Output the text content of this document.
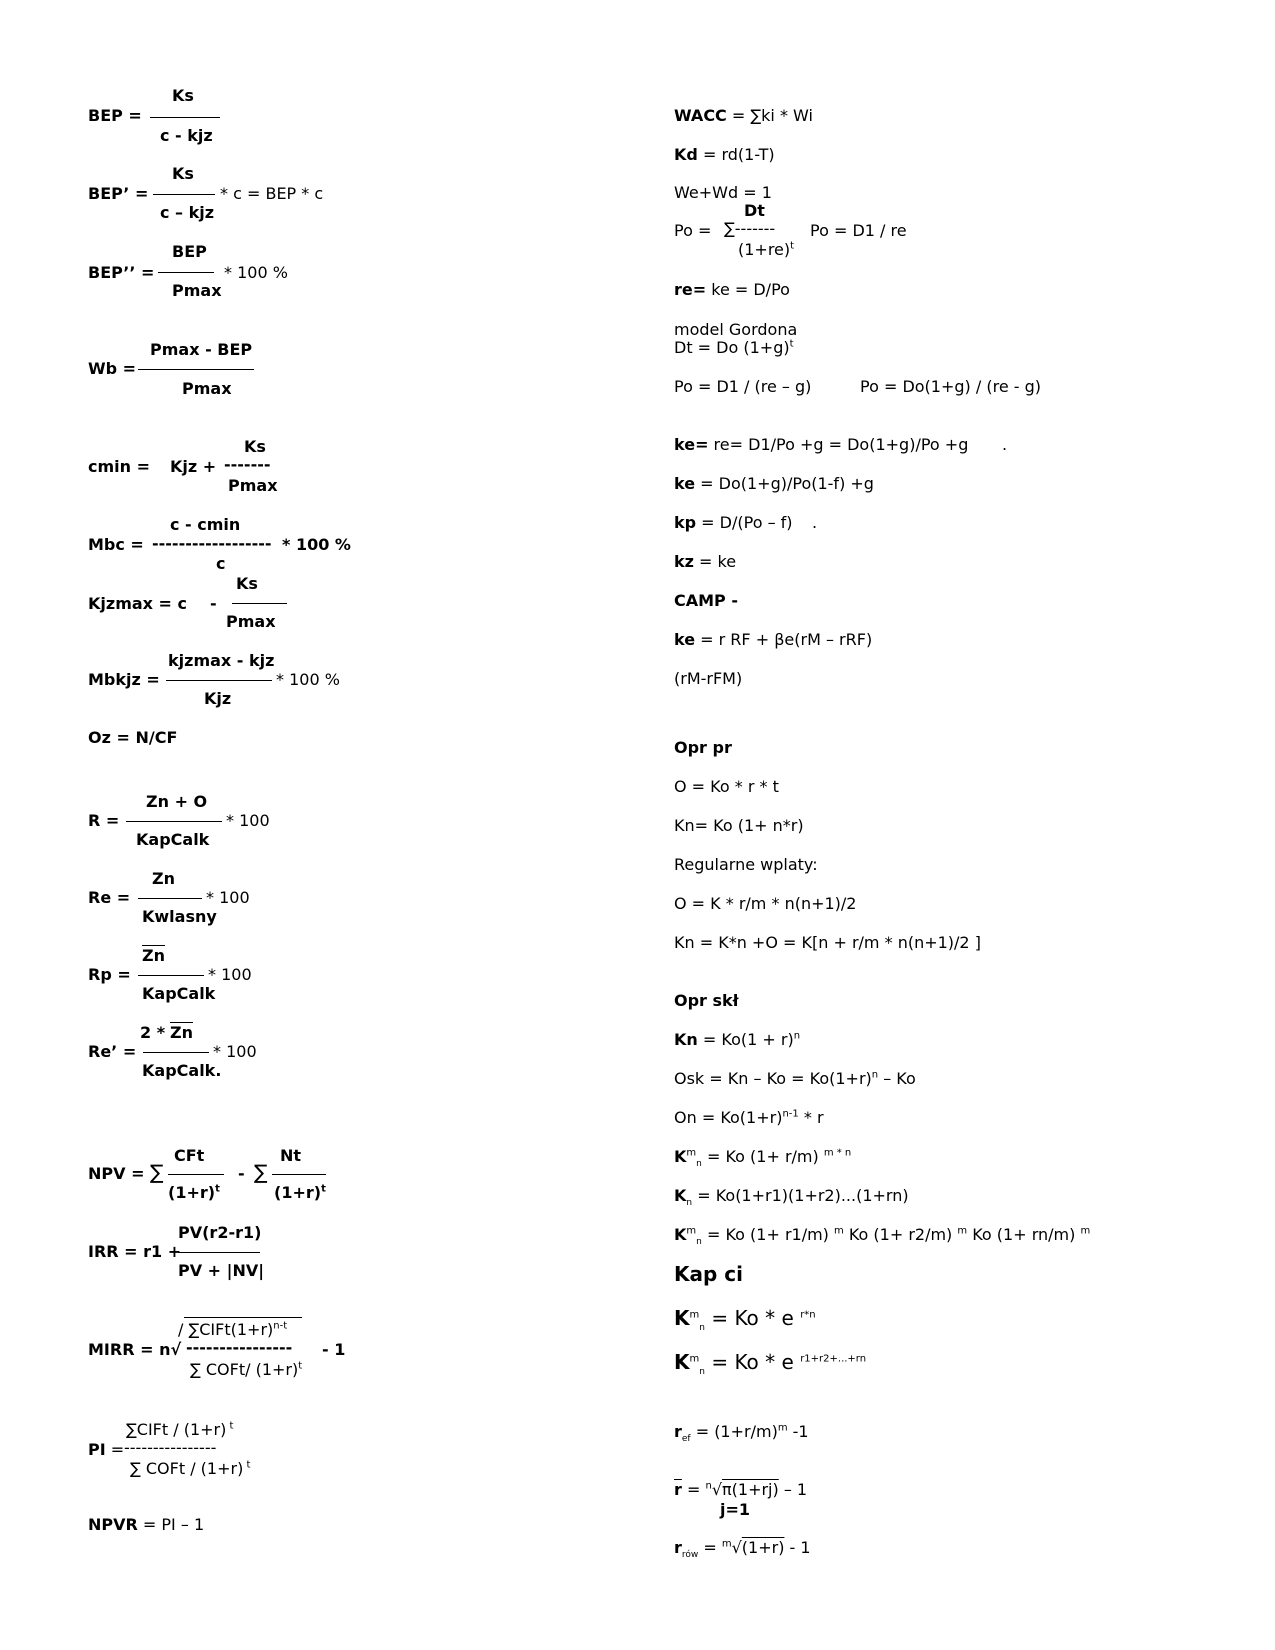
BEP =
Ks
c - kjz
BEP’ =
Ks
* c = BEP * c
c – kjz
BEP’’ =
BEP
* 100 %
Pmax
Wb =
Pmax - BEP
Pmax
cmin = Kjz +
Ks
-------
Pmax
c - cmin
Mbc = ------------------ * 100 %
c
Ks
Kjzmax = c -
Pmax
kjzmax - kjz
Mbkjz =	* 100 %
Kjz
Oz = N/CF
Zn + O
R =	* 100
KapCalk
Zn
Re =	* 100
Kwlasny
$\overline{Zn}$
Rp =	* 100
KapCalk
$2 * \overline{Zn}$
Re’ =	* 100
KapCalk.
NPV = ∑
CFt
$(1+r)^t$
- ∑
Nt
$(1+r)^t$
PV(r2-r1)
IRR = r1 +
PV + |NV|
/ $\sum CIFt(1+r)^{n-t}$
MIRR = n√ ---------------- - 1
∑ COFt/ $(1+r)^t$
∑CIFt / (1+r) $^t$
PI = ----------------
∑ COFt / (1+r) $^t$
NPVR = PI – 1
WACC = ∑ki * Wi
Kd = rd(1-T)
We+Wd = 1
Dt
Po = ∑------- Po = D1 / re
$(1+re)^t$
re= ke = D/Po
model Gordona
Dt = Do $(1+g)^t$
Po = D1 / (re – g)	Po = Do(1+g) / (re - g)
ke= re= D1/Po +g = Do(1+g)/Po +g .
ke = Do(1+g)/Po(1-f) +g
kp = D/(Po – f) .
kz = ke
CAMP -
ke = r RF + βe(rM – rRF)
(rM-rFM)
Opr pr
O = Ko * r * t
Kn= Ko (1+ n*r)
Regularne wplaty:
O = K * r/m * n(n+1)/2
Kn = K*n +O = K[n + r/m * n(n+1)/2 ]
Opr skł
$Kn = Ko(1 + r)^n$
Osk = $Kn - Ko = Ko(1+r)^n - Ko$
$On = Ko(1+r)^{n-1} * r$
$K^m_n = Ko$ (1+ r/m) $^{m * n}$
$K_n = Ko(1+r1)(1+r2)...(1+rn)$
$K^m_n = Ko$ (1+ r1/m) $^m$ Ko (1+ r2/m) $^m$ Ko (1+ rn/m) $^m$
Kap ci
$K^m_n = Ko * e$ $^{r*n}$
$K^m_n = Ko * e$ $^{r1+r2+...+rn}$
$r_{ef} = (1+r/m)^m$ -1
$\overline{r} = ^n√\pi(1+rj) - 1$
j=1
$r_{rów} = ^m√(1+r) - 1$
